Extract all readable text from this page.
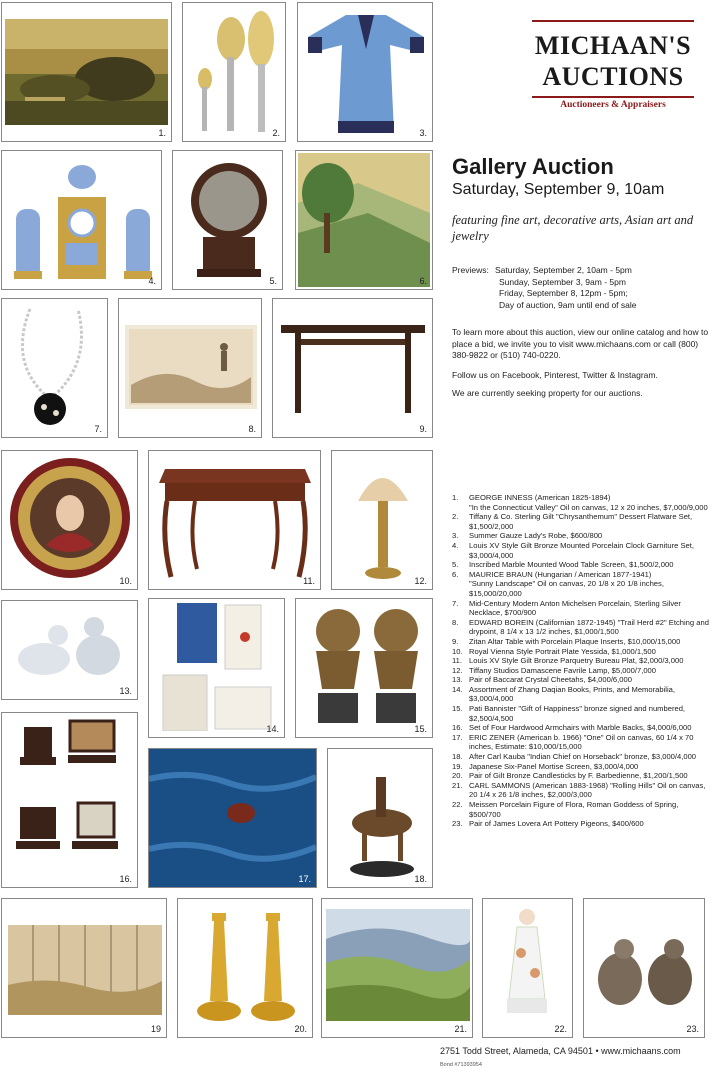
1.	2.	3.
4.	5.	6.
7.	8.	9.
10.	11.	12.
13.
14.	15.
16.	17.	18.
19	20.	21.	22.	23.
MICHAAN'S
AUCTIONS
Auctioneers & Appraisers
Gallery Auction
Saturday, September 9, 10am
featuring fine art, decorative arts, Asian art and jewelry
Previews: Saturday, September 2, 10am - 5pm
Sunday, September 3, 9am - 5pm
Friday, September 8, 12pm - 5pm;
Day of auction, 9am until end of sale
To learn more about this auction, view our online catalog and how to place a bid, we invite you to visit www.michaans.com or call (800) 380-9822 or (510) 740-0220.
Follow us on Facebook, Pinterest, Twitter & Instagram.
We are currently seeking property for our auctions.
1. GEORGE INNESS (American 1825-1894)
"In the Connecticut Valley" Oil on canvas, 12 x 20 inches, $7,000/9,000
2. Tiffany & Co. Sterling Gilt "Chrysanthemum" Dessert Flatware Set, $1,500/2,000
3. Summer Gauze Lady's Robe, $600/800
4. Louis XV Style Gilt Bronze Mounted Porcelain Clock Garniture Set, $3,000/4,000
5. Inscribed Marble Mounted Wood Table Screen, $1,500/2,000
6. MAURICE BRAUN (Hungarian / American 1877-1941)
"Sunny Landscape" Oil on canvas, 20 1/8 x 20 1/8 inches, $15,000/20,000
7. Mid-Century Modern Anton Michelsen Porcelain, Sterling Silver Necklace, $700/900
8. EDWARD BOREIN (Californian 1872-1945) "Trail Herd #2" Etching and drypoint, 8 1/4 x 13 1/2 inches, $1,000/1,500
9. Zitan Altar Table with Porcelain Plaque Inserts, $10,000/15,000
10. Royal Vienna Style Portrait Plate Yessida, $1,000/1,500
11. Louis XV Style Gilt Bronze Parquetry Bureau Plat, $2,000/3,000
12. Tiffany Studios Damascene Favrile Lamp, $5,000/7,000
13. Pair of Baccarat Crystal Cheetahs, $4,000/6,000
14. Assortment of Zhang Daqian Books, Prints, and Memorabilia, $3,000/4,000
15. Pati Bannister "Gift of Happiness" bronze signed and numbered, $2,500/4,500
16. Set of Four Hardwood Armchairs with Marble Backs, $4,000/6,000
17. ERIC ZENER (American b. 1966) "One" Oil on canvas, 60 1/4 x 70 inches, Estimate: $10,000/15,000
18. After Carl Kauba "Indian Chief on Horseback" bronze, $3,000/4,000
19. Japanese Six-Panel Mortise Screen, $3,000/4,000
20. Pair of Gilt Bronze Candlesticks by F. Barbedienne, $1,200/1,500
21. CARL SAMMONS (American 1883-1968) "Rolling Hills" Oil on canvas, 20 1/4 x 26 1/8 inches, $2,000/3,000
22. Meissen Porcelain Figure of Flora, Roman Goddess of Spring, $500/700
23. Pair of James Lovera Art Pottery Pigeons, $400/600
2751 Todd Street, Alameda, CA 94501 • www.michaans.com
Bond #71393954
